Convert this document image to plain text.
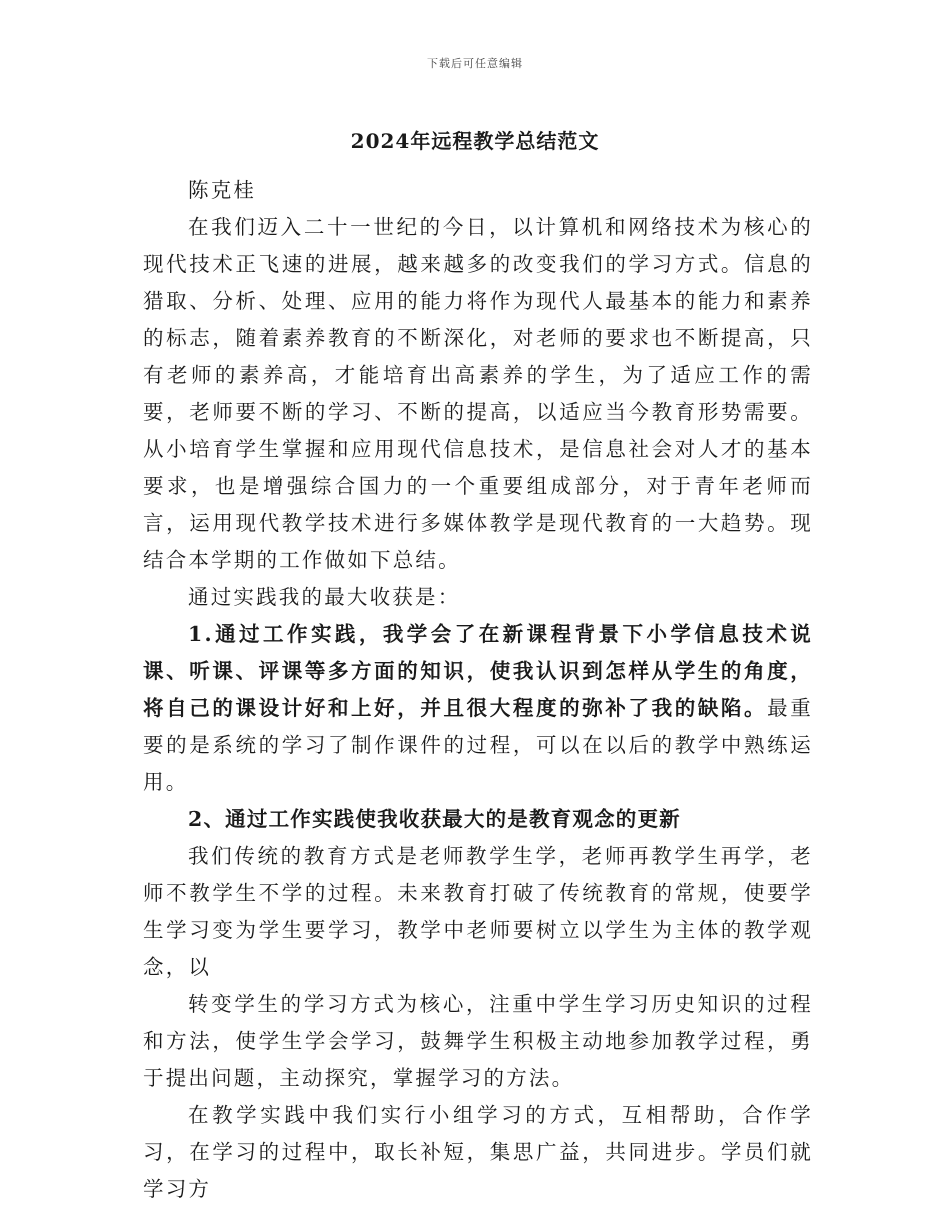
下载后可任意编辑
2024年远程教学总结范文

陈克桂

在我们迈入二十一世纪的今日，以计算机和网络技术为核心的现代技术正飞速的进展，越来越多的改变我们的学习方式。信息的猎取、分析、处理、应用的能力将作为现代人最基本的能力和素养的标志，随着素养教育的不断深化，对老师的要求也不断提高，只有老师的素养高，才能培育出高素养的学生，为了适应工作的需要，老师要不断的学习、不断的提高，以适应当今教育形势需要。从小培育学生掌握和应用现代信息技术，是信息社会对人才的基本要求，也是增强综合国力的一个重要组成部分，对于青年老师而言，运用现代教学技术进行多媒体教学是现代教育的一大趋势。现结合本学期的工作做如下总结。

通过实践我的最大收获是：

1.通过工作实践，我学会了在新课程背景下小学信息技术说课、听课、评课等多方面的知识，使我认识到怎样从学生的角度，将自己的课设计好和上好，并且很大程度的弥补了我的缺陷。最重要的是系统的学习了制作课件的过程，可以在以后的教学中熟练运用。

2、通过工作实践使我收获最大的是教育观念的更新

我们传统的教育方式是老师教学生学，老师再教学生再学，老师不教学生不学的过程。未来教育打破了传统教育的常规，使要学生学习变为学生要学习，教学中老师要树立以学生为主体的教学观念，以

转变学生的学习方式为核心，注重中学生学习历史知识的过程和方法，使学生学会学习，鼓舞学生积极主动地参加教学过程，勇于提出问题，主动探究，掌握学习的方法。

在教学实践中我们实行小组学习的方式，互相帮助，合作学习，在学习的过程中，取长补短，集思广益，共同进步。学员们就学习方
